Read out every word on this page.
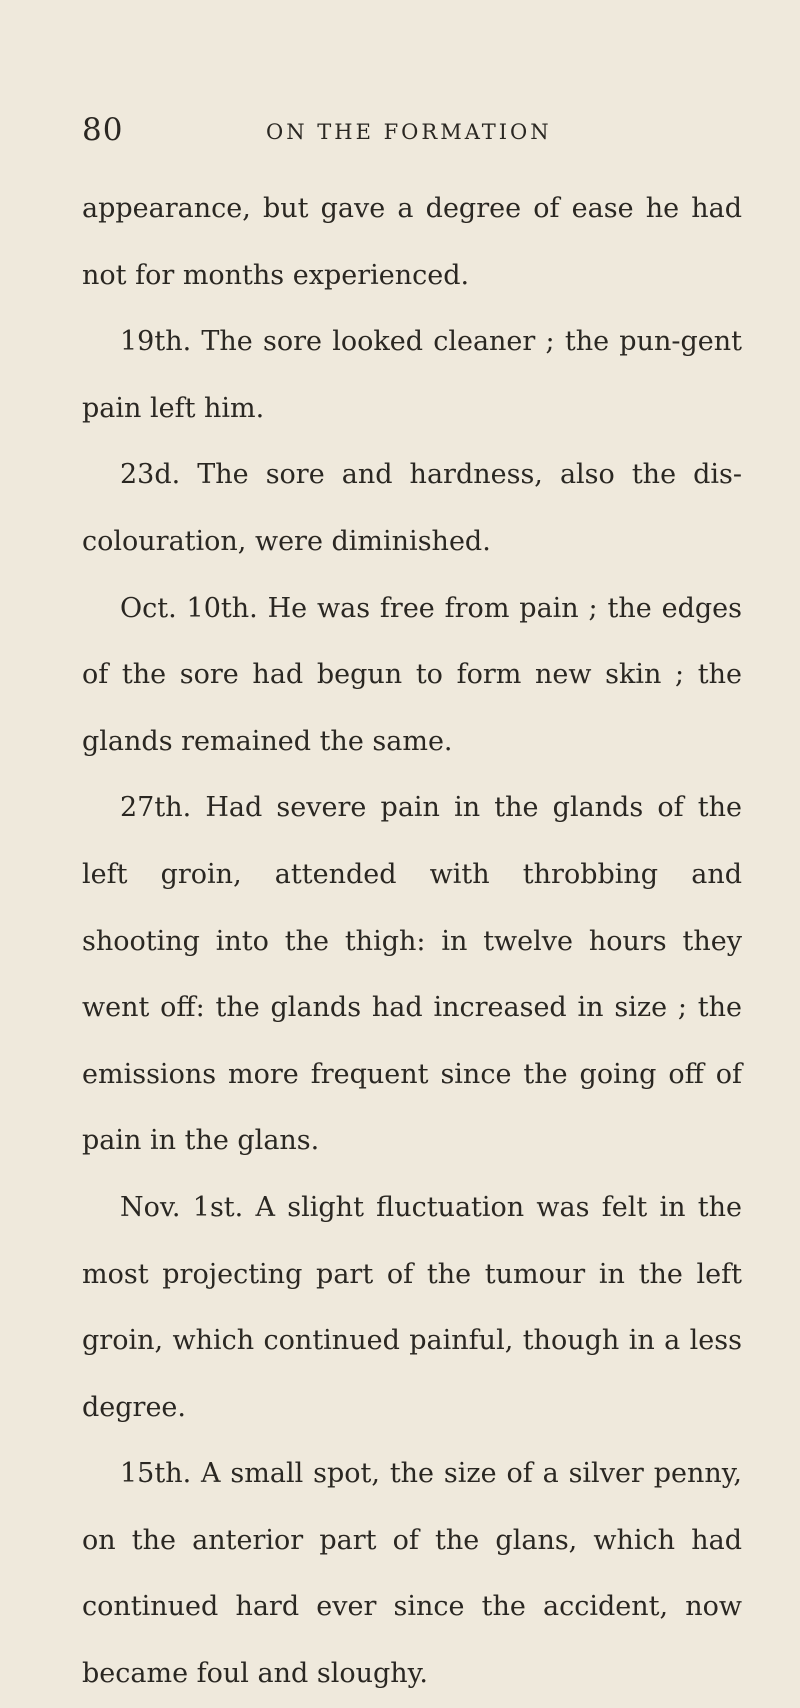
80	ON THE FORMATION

appearance, but gave a degree of ease he had not for months experienced.

19th. The sore looked cleaner ; the pun-gent pain left him.

23d. The sore and hardness, also the dis-colouration, were diminished.

Oct. 10th. He was free from pain ; the edges of the sore had begun to form new skin ; the glands remained the same.

27th. Had severe pain in the glands of the left groin, attended with throbbing and shooting into the thigh: in twelve hours they went off: the glands had increased in size ; the emissions more frequent since the going off of pain in the glans.

Nov. 1st. A slight fluctuation was felt in the most projecting part of the tumour in the left groin, which continued painful, though in a less degree.

15th. A small spot, the size of a silver penny, on the anterior part of the glans, which had continued hard ever since the accident, now became foul and sloughy.
